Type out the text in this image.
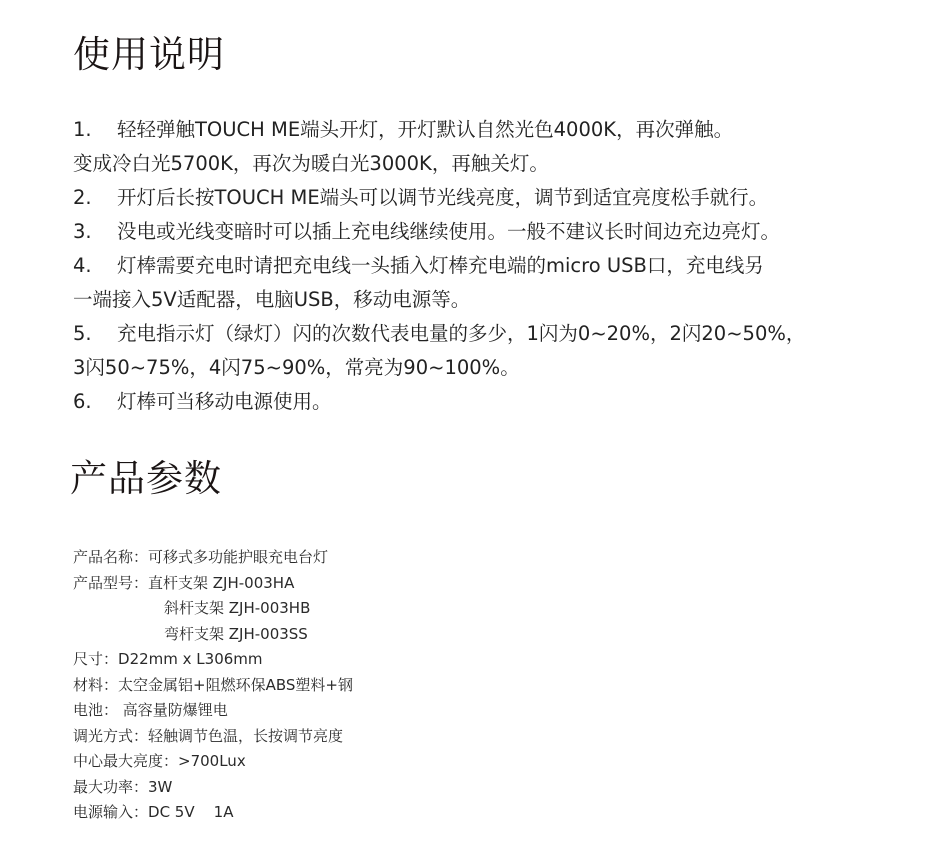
使用说明
1. 轻轻弹触TOUCH ME端头开灯，开灯默认自然光色4000K，再次弹触。
变成冷白光5700K，再次为暖白光3000K，再触关灯。
2. 开灯后长按TOUCH ME端头可以调节光线亮度，调节到适宜亮度松手就行。
3. 没电或光线变暗时可以插上充电线继续使用。一般不建议长时间边充边亮灯。
4. 灯棒需要充电时请把充电线一头插入灯棒充电端的micro USB口，充电线另
一端接入5V适配器，电脑USB，移动电源等。
5. 充电指示灯（绿灯）闪的次数代表电量的多少，1闪为0~20%，2闪20~50%，
3闪50~75%，4闪75~90%，常亮为90~100%。
6. 灯棒可当移动电源使用。
产品参数
产品名称：可移式多功能护眼充电台灯
产品型号：直杆支架 ZJH-003HA
斜杆支架 ZJH-003HB
弯杆支架 ZJH-003SS
尺寸：D22mm x L306mm
材料：太空金属铝+阻燃环保ABS塑料+钢
电池： 高容量防爆锂电
调光方式：轻触调节色温，长按调节亮度
中心最大亮度：>700Lux
最大功率：3W
电源输入：DC 5V    1A
